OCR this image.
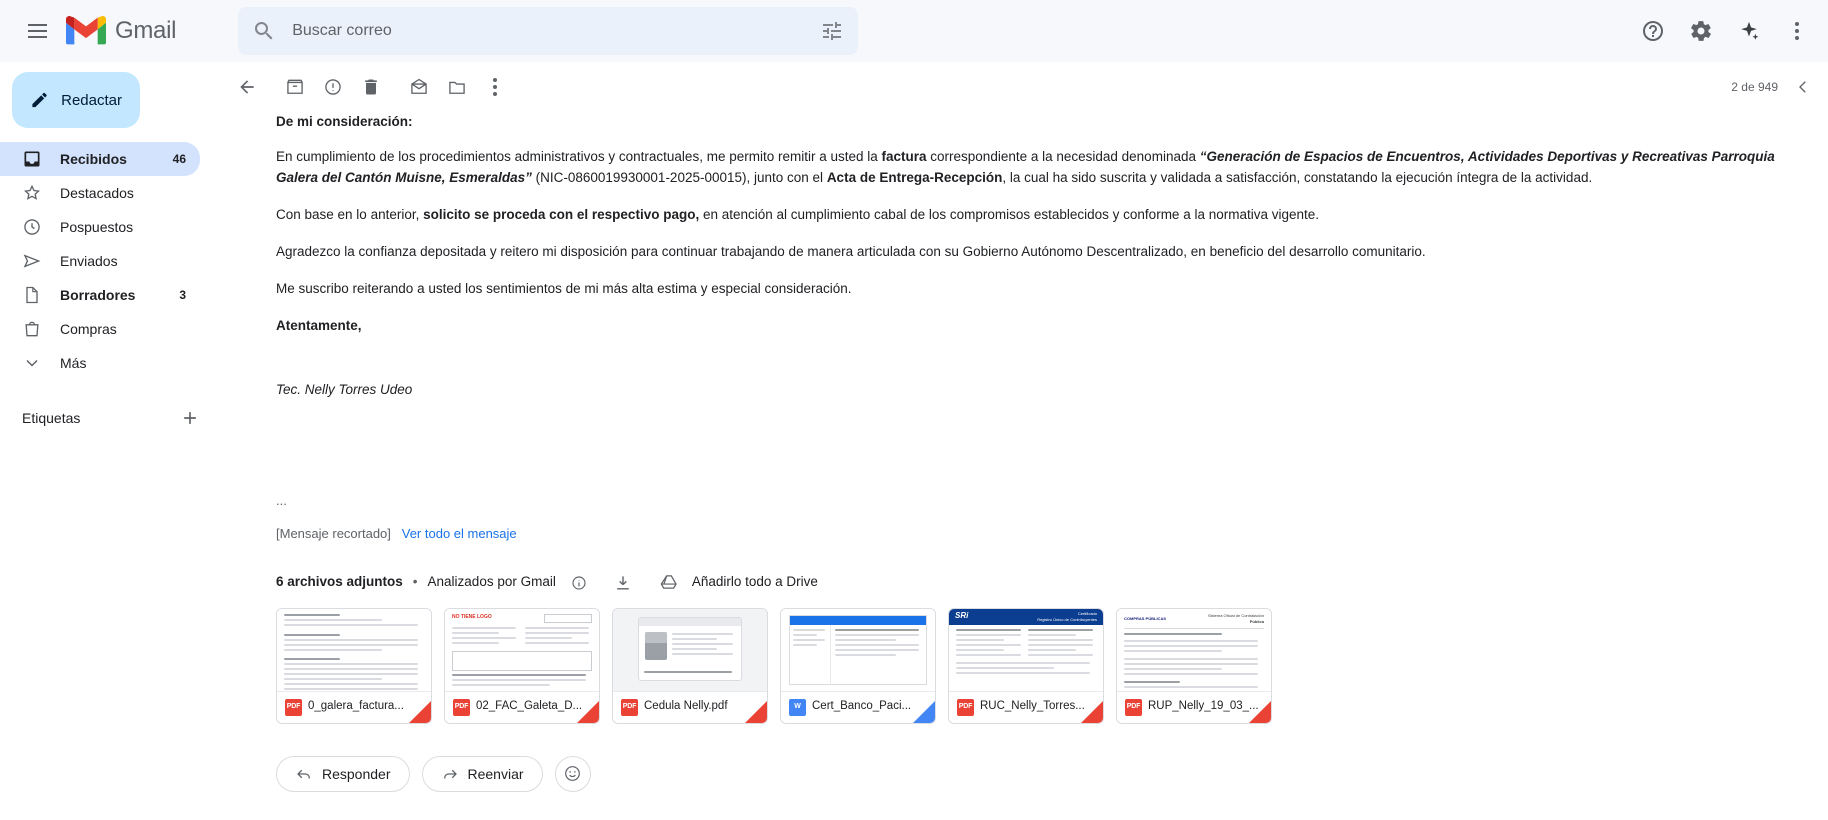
Gmail
Buscar correo
Redactar
Recibidos	46
Destacados
Pospuestos
Enviados
Borradores	3
Compras
Más
Etiquetas
2 de 949

De mi consideración:

En cumplimiento de los procedimientos administrativos y contractuales, me permito remitir a usted la factura correspondiente a la necesidad denominada “Generación de Espacios de Encuentros, Actividades Deportivas y Recreativas Parroquia Galera del Cantón Muisne, Esmeraldas” (NIC-0860019930001-2025-00015), junto con el Acta de Entrega-Recepción, la cual ha sido suscrita y validada a satisfacción, constatando la ejecución íntegra de la actividad.

Con base en lo anterior, solicito se proceda con el respectivo pago, en atención al cumplimiento cabal de los compromisos establecidos y conforme a la normativa vigente.

Agradezco la confianza depositada y reitero mi disposición para continuar trabajando de manera articulada con su Gobierno Autónomo Descentralizado, en beneficio del desarrollo comunitario.

Me suscribo reiterando a usted los sentimientos de mi más alta estima y especial consideración.

Atentamente,

Tec. Nelly Torres Udeo

...
[Mensaje recortado] Ver todo el mensaje
6 archivos adjuntos • Analizados por Gmail	Añadirlo todo a Drive
PDF 0_galera_factura...
NO TIENE LOGO
PDF 02_FAC_Galeta_D...	PDF Cedula Nelly.pdf	W Cert_Banco_Paci...
SRi	Certificado
Registro Único de Contribuyentes
PDF RUC_Nelly_Torres...
COMPRAS PÚBLICAS
Sistema Oficial de Contratación
Pública
PDF RUP_Nelly_19_03_...
Responder	Reenviar
